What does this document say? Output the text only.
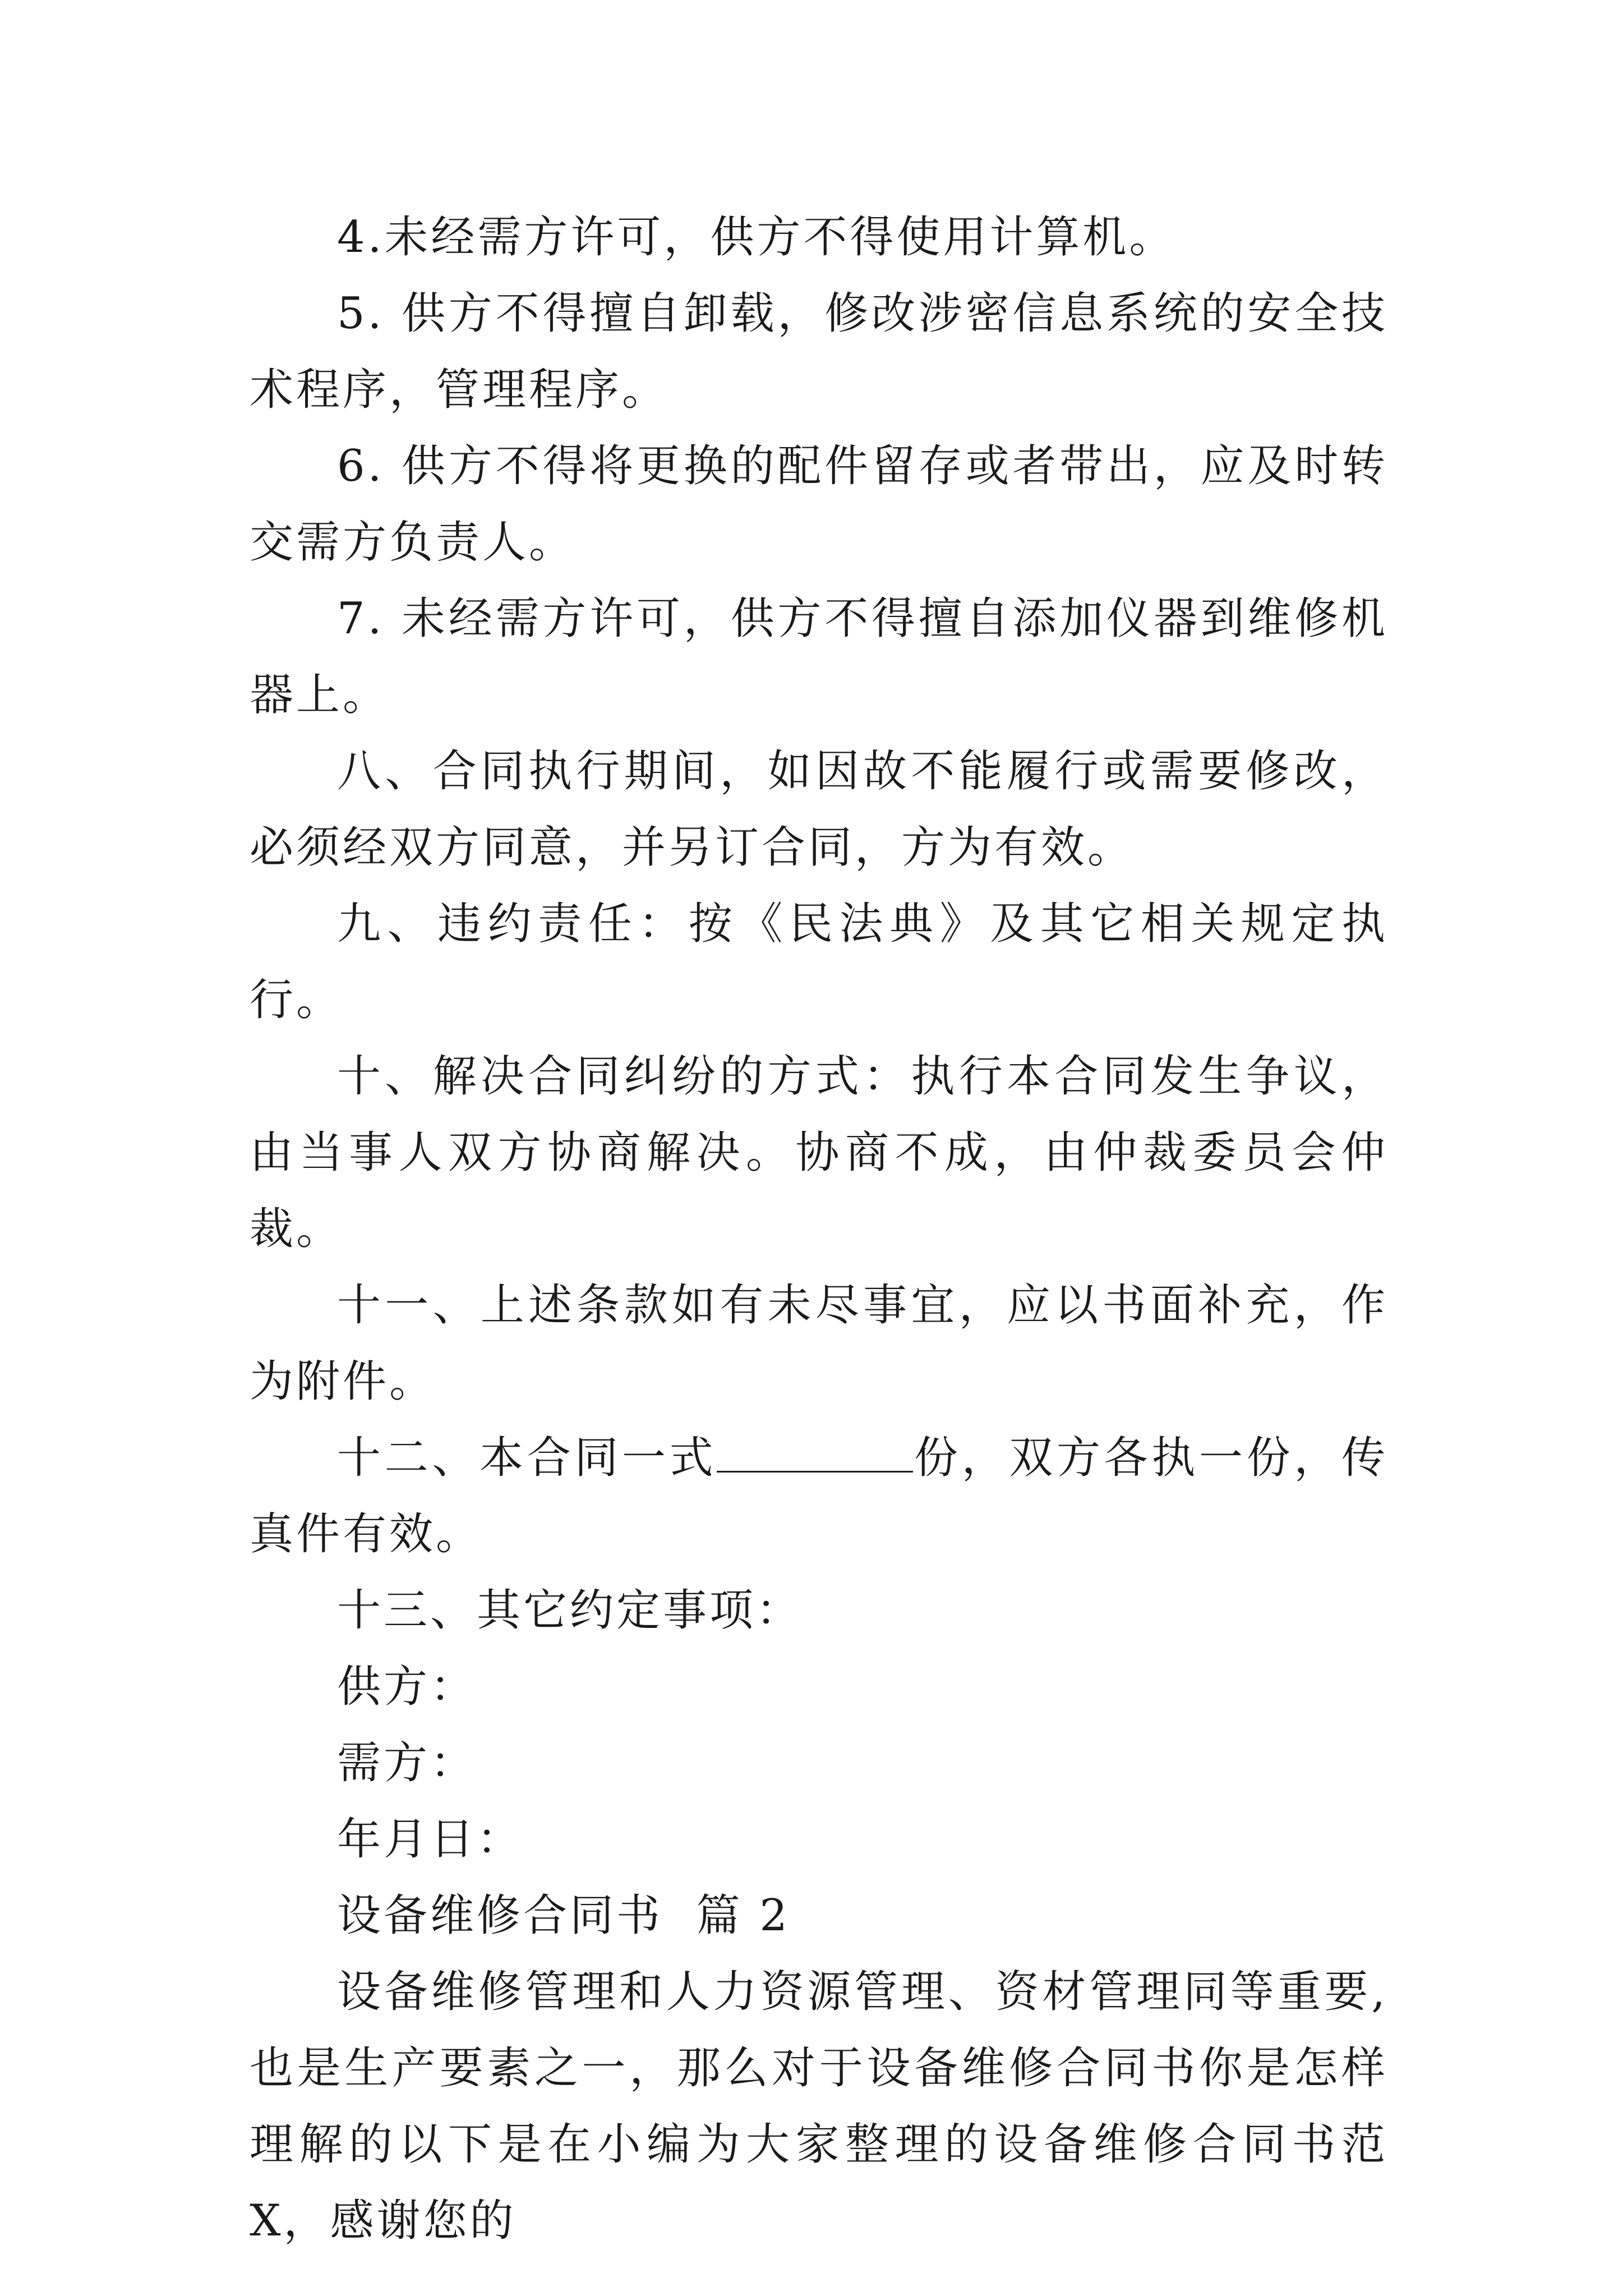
4.未经需方许可，供方不得使用计算机。

5. 供方不得擅自卸载，修改涉密信息系统的安全技术程序，管理程序。

6. 供方不得将更换的配件留存或者带出，应及时转交需方负责人。

7. 未经需方许可，供方不得擅自添加仪器到维修机器上。

八、合同执行期间，如因故不能履行或需要修改，必须经双方同意，并另订合同，方为有效。

九、违约责任：按《民法典》及其它相关规定执行。

十、解决合同纠纷的方式：执行本合同发生争议，由当事人双方协商解决。协商不成，由仲裁委员会仲裁。

十一、上述条款如有未尽事宜，应以书面补充，作为附件。

十二、本合同一式	份，双方各执一份，传真件有效。

十三、其它约定事项：

供方：

需方：

年月日：

设备维修合同书  篇 2

设备维修管理和人力资源管理、资材管理同等重要,也是生产要素之一，那么对于设备维修合同书你是怎样理解的以下是在小编为大家整理的设备维修合同书范 X，感谢您的
